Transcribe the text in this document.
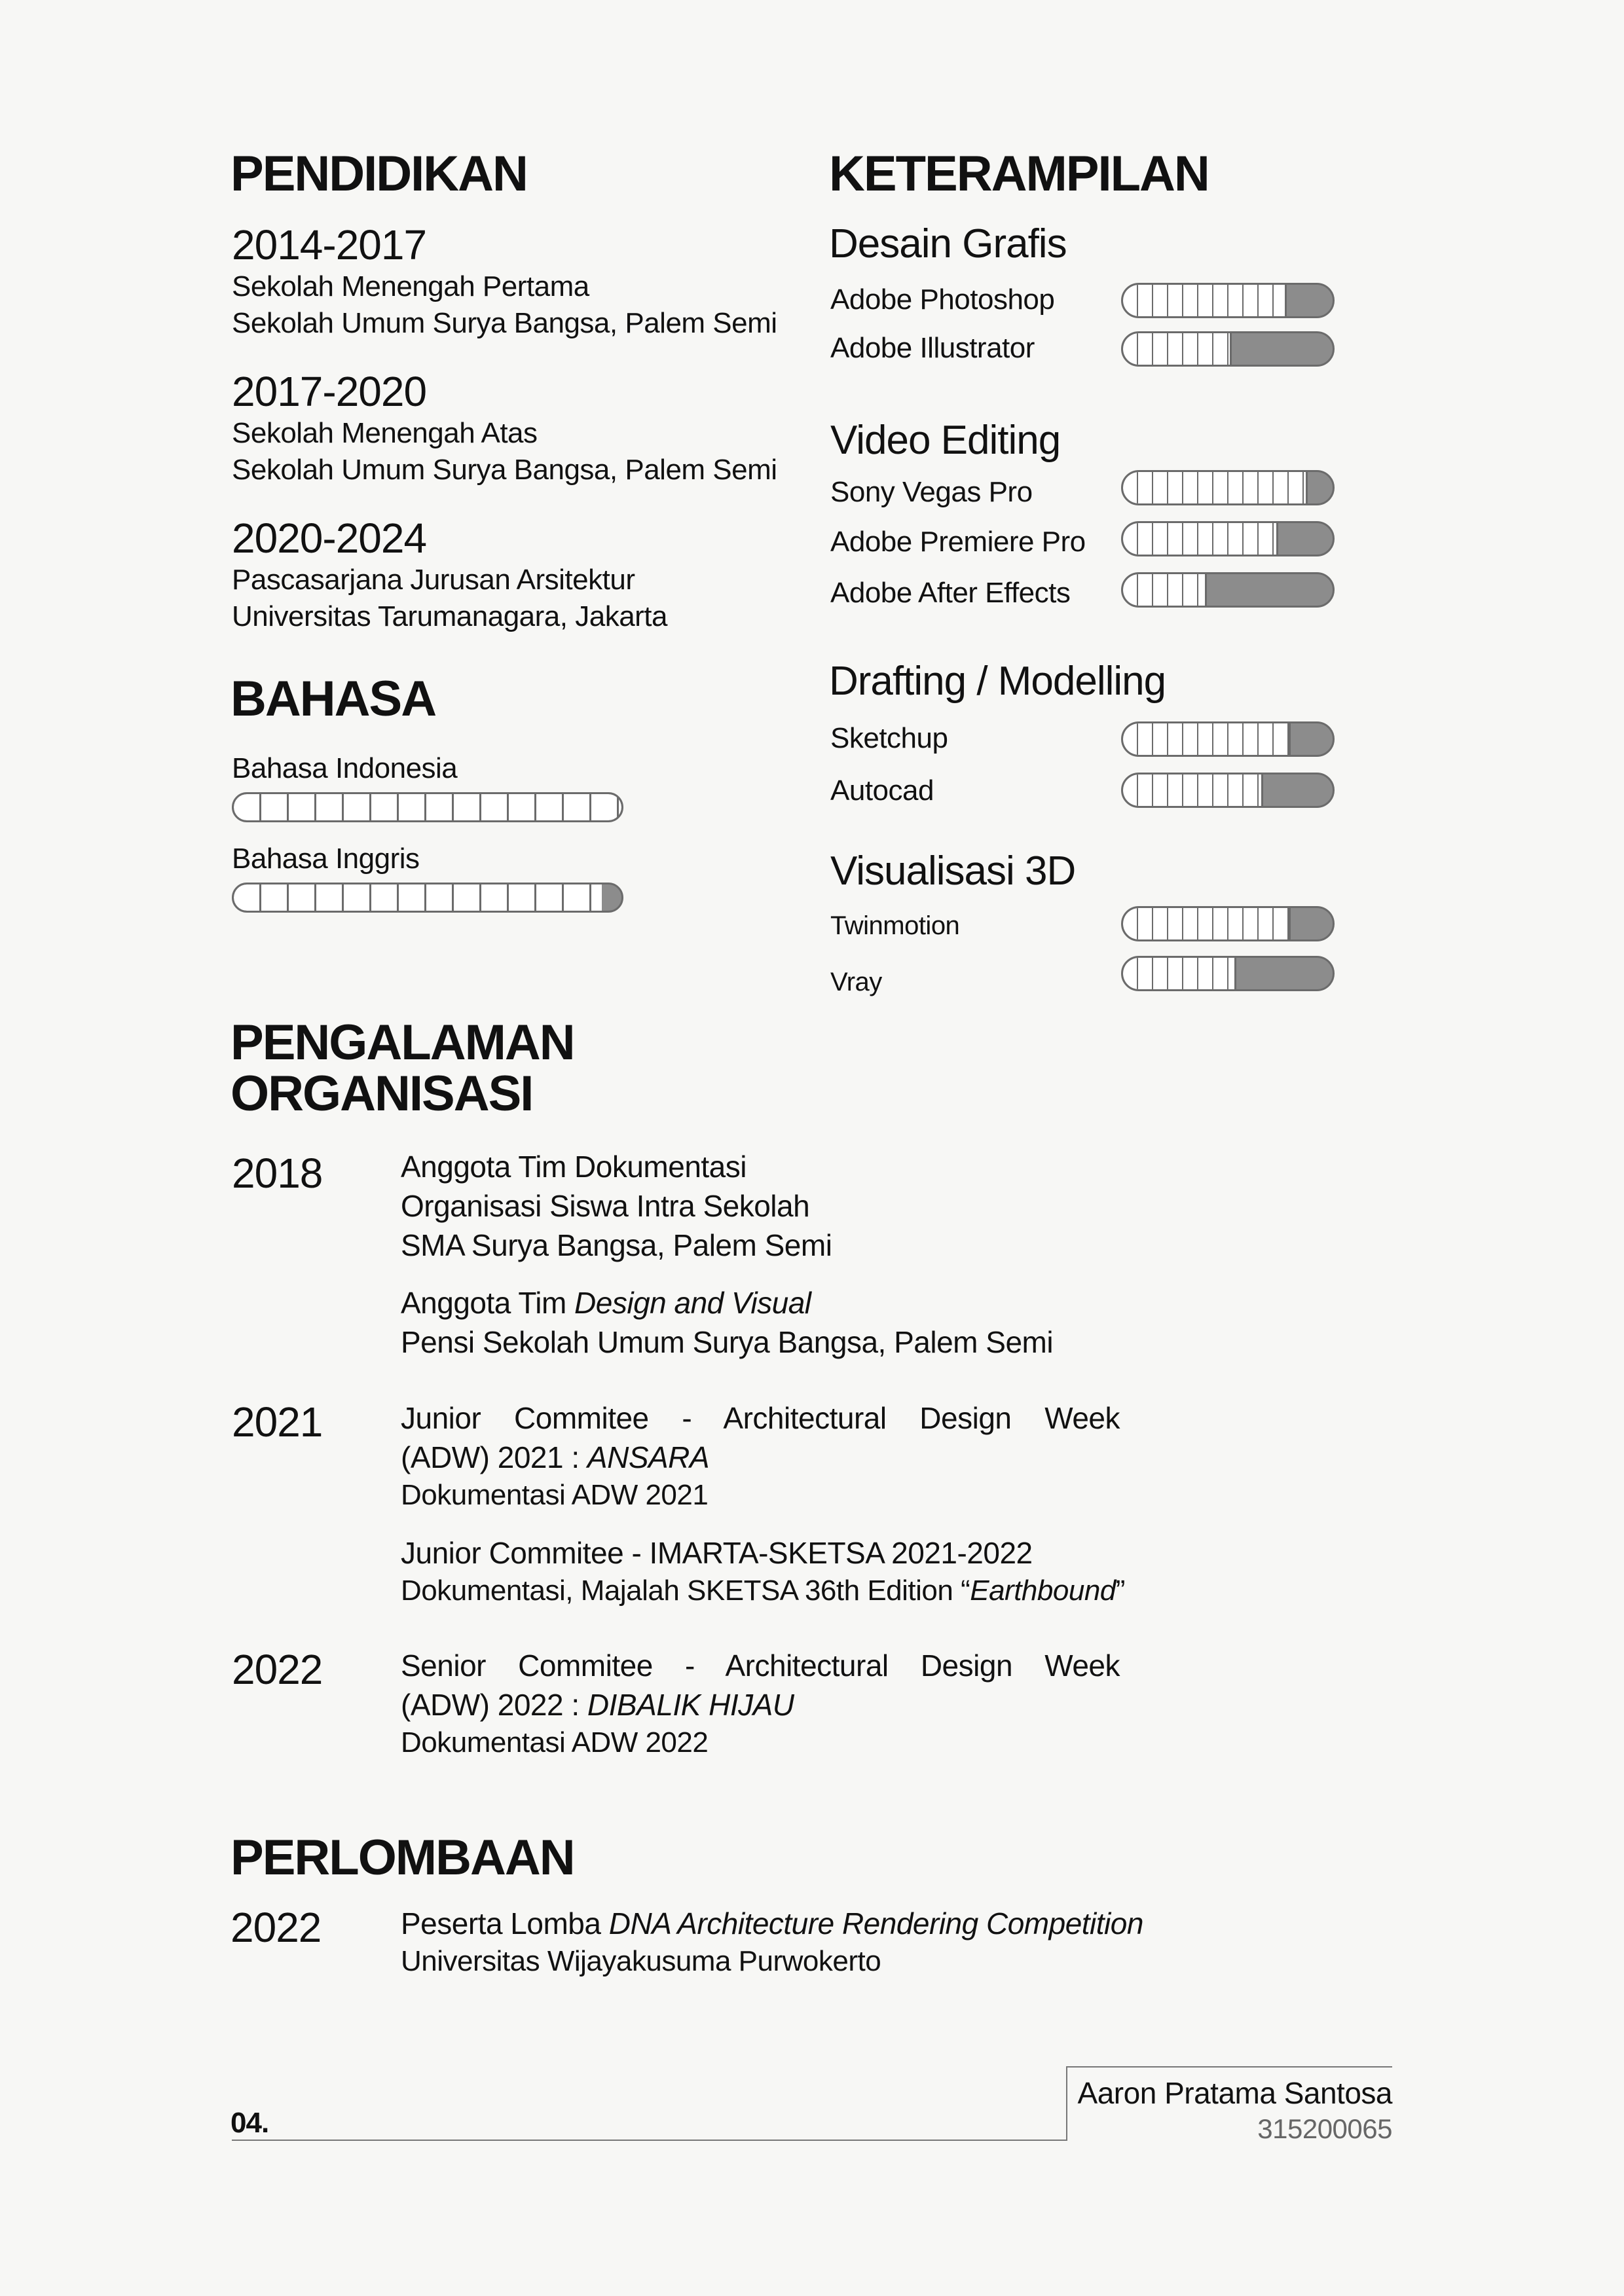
PENDIDIKAN
2014-2017
Sekolah Menengah Pertama
Sekolah Umum Surya Bangsa, Palem Semi
2017-2020
Sekolah Menengah Atas
Sekolah Umum Surya Bangsa, Palem Semi
2020-2024
Pascasarjana Jurusan Arsitektur
Universitas Tarumanagara, Jakarta
BAHASA
Bahasa Indonesia
Bahasa Inggris
KETERAMPILAN
Desain Grafis
Adobe Photoshop
Adobe Illustrator
Video Editing
Sony Vegas Pro
Adobe Premiere Pro
Adobe After Effects
Drafting / Modelling
Sketchup
Autocad
Visualisasi 3D
Twinmotion
Vray
PENGALAMAN
ORGANISASI
2018	Anggota Tim Dokumentasi
Organisasi Siswa Intra Sekolah
SMA Surya Bangsa, Palem Semi
Anggota Tim Design and Visual
Pensi Sekolah Umum Surya Bangsa, Palem Semi
2021	Junior Commitee - Architectural Design Week
(ADW) 2021 : ANSARA
Dokumentasi ADW 2021
Junior Commitee - IMARTA-SKETSA 2021-2022
Dokumentasi, Majalah SKETSA 36th Edition “Earthbound”
2022	Senior Commitee - Architectural Design Week
(ADW) 2022 : DIBALIK HIJAU
Dokumentasi ADW 2022
PERLOMBAAN
2022	Peserta Lomba DNA Architecture Rendering Competition
Universitas Wijayakusuma Purwokerto
04.
Aaron Pratama Santosa
315200065
